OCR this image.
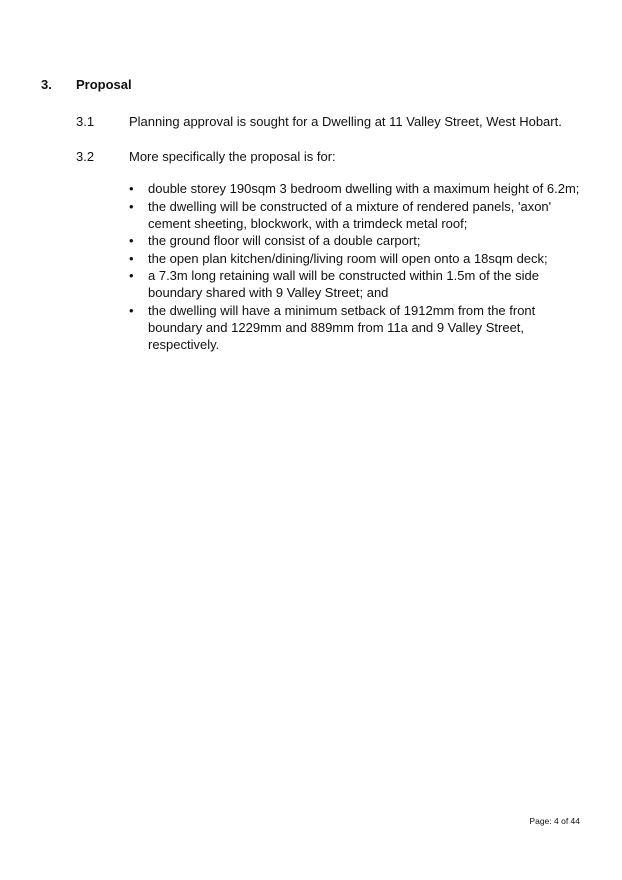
3. Proposal
3.1	Planning approval is sought for a Dwelling at 11 Valley Street, West Hobart.
3.2	More specifically the proposal is for:
•	double storey 190sqm 3 bedroom dwelling with a maximum height of 6.2m;
•	the dwelling will be constructed of a mixture of rendered panels, 'axon' cement sheeting, blockwork, with a trimdeck metal roof;
•	the ground floor will consist of a double carport;
•	the open plan kitchen/dining/living room will open onto a 18sqm deck;
•	a 7.3m long retaining wall will be constructed within 1.5m of the side boundary shared with 9 Valley Street; and
•	the dwelling will have a minimum setback of 1912mm from the front boundary and 1229mm and 889mm from 11a and 9 Valley Street, respectively.
Page: 4 of 44
